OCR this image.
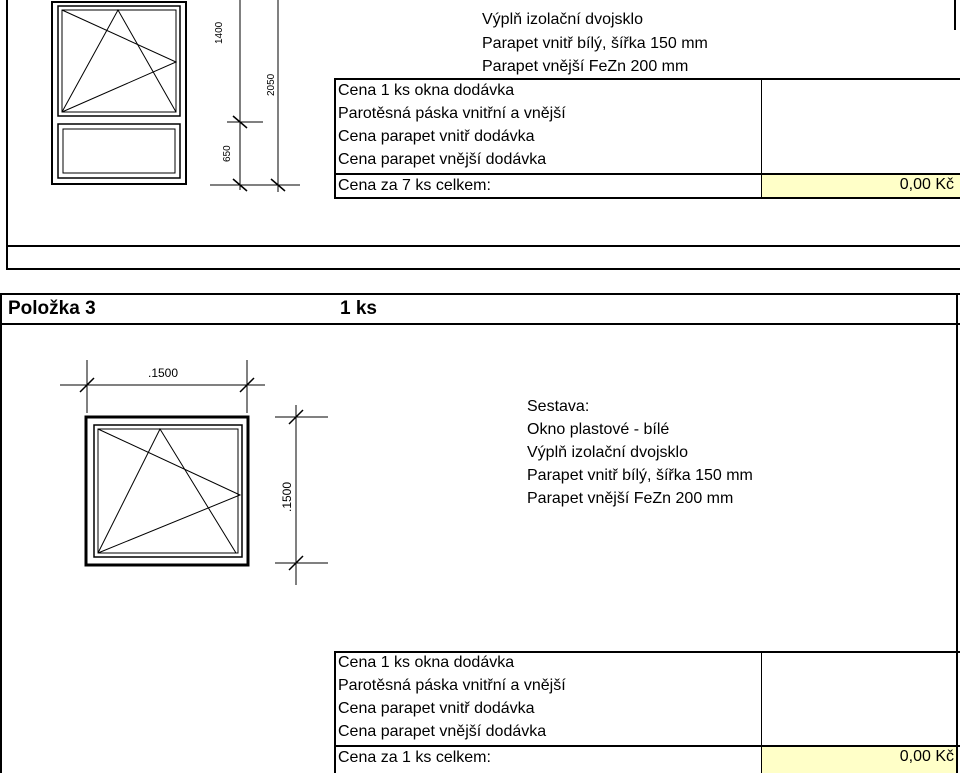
1400
650
2050
Výplň izolační dvojsklo
Parapet vnitř bílý, šířka 150 mm
Parapet vnější FeZn 200 mm
Cena 1 ks okna dodávka
Parotěsná páska vnitřní a vnější
Cena parapet vnitř dodávka
Cena parapet vnější dodávka
Cena za 7 ks celkem:	0,00 Kč
Položka 3	1 ks
.1500
.1500
Sestava:
Okno plastové - bílé
Výplň izolační dvojsklo
Parapet vnitř bílý, šířka 150 mm
Parapet vnější FeZn 200 mm
Cena 1 ks okna dodávka
Parotěsná páska vnitřní a vnější
Cena parapet vnitř dodávka
Cena parapet vnější dodávka
Cena za 1 ks celkem:	0,00 Kč
